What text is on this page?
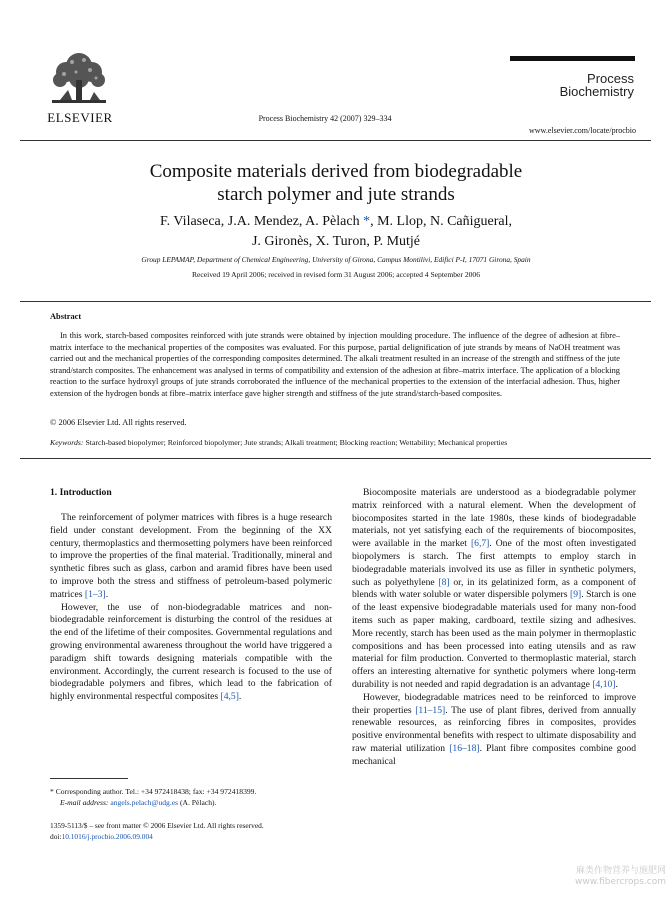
ELSEVIER	Process Biochemistry 42 (2007) 329–334
Process
Biochemistry
www.elsevier.com/locate/procbio
Composite materials derived from biodegradable
starch polymer and jute strands
F. Vilaseca, J.A. Mendez, A. Pèlach *, M. Llop, N. Cañigueral,
J. Gironès, X. Turon, P. Mutjé
Group LEPAMAP, Department of Chemical Engineering, University of Girona, Campus Montilivi, Edifici P-I, 17071 Girona, Spain
Received 19 April 2006; received in revised form 31 August 2006; accepted 4 September 2006
Abstract
In this work, starch-based composites reinforced with jute strands were obtained by injection moulding procedure. The influence of the degree of adhesion at fibre–matrix interface to the mechanical properties of the composites was evaluated. For this purpose, partial delignification of jute strands by means of NaOH treatment was carried out and the mechanical properties of the corresponding composites determined. The alkali treatment resulted in an increase of the strength and stiffness of the jute strand/starch composites. The enhancement was analysed in terms of compatibility and extension of the adhesion at fibre–matrix interface. The application of a blocking reaction to the surface hydroxyl groups of jute strands corroborated the influence of the mechanical properties to the extension of the interfacial adhesion. Thus, higher extension of the hydrogen bonds at fibre–matrix interface gave higher strength and stiffness of the jute strand/starch-based composites.
© 2006 Elsevier Ltd. All rights reserved.
Keywords: Starch-based biopolymer; Reinforced biopolymer; Jute strands; Alkali treatment; Blocking reaction; Wettability; Mechanical properties
1. Introduction

The reinforcement of polymer matrices with fibres is a huge research field under constant development. From the beginning of the XX century, thermoplastics and thermosetting polymers have been reinforced to improve the properties of the final material. Traditionally, mineral and synthetic fibres such as glass, carbon and aramid fibres have been used to improve both the stress and stiffness of petroleum-based polymeric matrices [1–3].

However, the use of non-biodegradable matrices and non-biodegradable reinforcement is disturbing the control of the residues at the end of the lifetime of their composites. Governmental regulations and growing environmental awareness throughout the world have triggered a paradigm shift towards designing materials compatible with the environment. Accordingly, the current research is focused to the use of biodegradable polymers and fibres, which lead to the fabrication of highly environmental respectful composites [4,5].

Biocomposite materials are understood as a biodegradable polymer matrix reinforced with a natural element. When the development of biocomposites started in the late 1980s, these kinds of biodegradable materials, not yet satisfying each of the requirements of biocomposites, were available in the market [6,7]. One of the most often investigated biopolymers is starch. The first attempts to employ starch in biodegradable materials involved its use as filler in synthetic polymers, such as polyethylene [8] or, in its gelatinized form, as a component of blends with water soluble or water dispersible polymers [9]. Starch is one of the least expensive biodegradable materials used for many non-food items such as paper making, cardboard, textile sizing and adhesives. More recently, starch has been used as the main polymer in thermoplastic compositions and has been processed into eating utensils and as raw material for film production. Converted to thermoplastic material, starch offers an interesting alternative for synthetic polymers where long-term durability is not needed and rapid degradation is an advantage [4,10].

However, biodegradable matrices need to be reinforced to improve their properties [11–15]. The use of plant fibres, derived from annually renewable resources, as reinforcing fibres in composites, provides positive environmental benefits with respect to ultimate disposability and raw material utilization [16–18]. Plant fibre composites combine good mechanical

* Corresponding author. Tel.: +34 972418438; fax: +34 972418399.
E-mail address: angels.pelach@udg.es (A. Pèlach).
1359-5113/$ – see front matter © 2006 Elsevier Ltd. All rights reserved.
doi:10.1016/j.procbio.2006.09.004
麻类作物营养与施肥网
www.fibercrops.com
